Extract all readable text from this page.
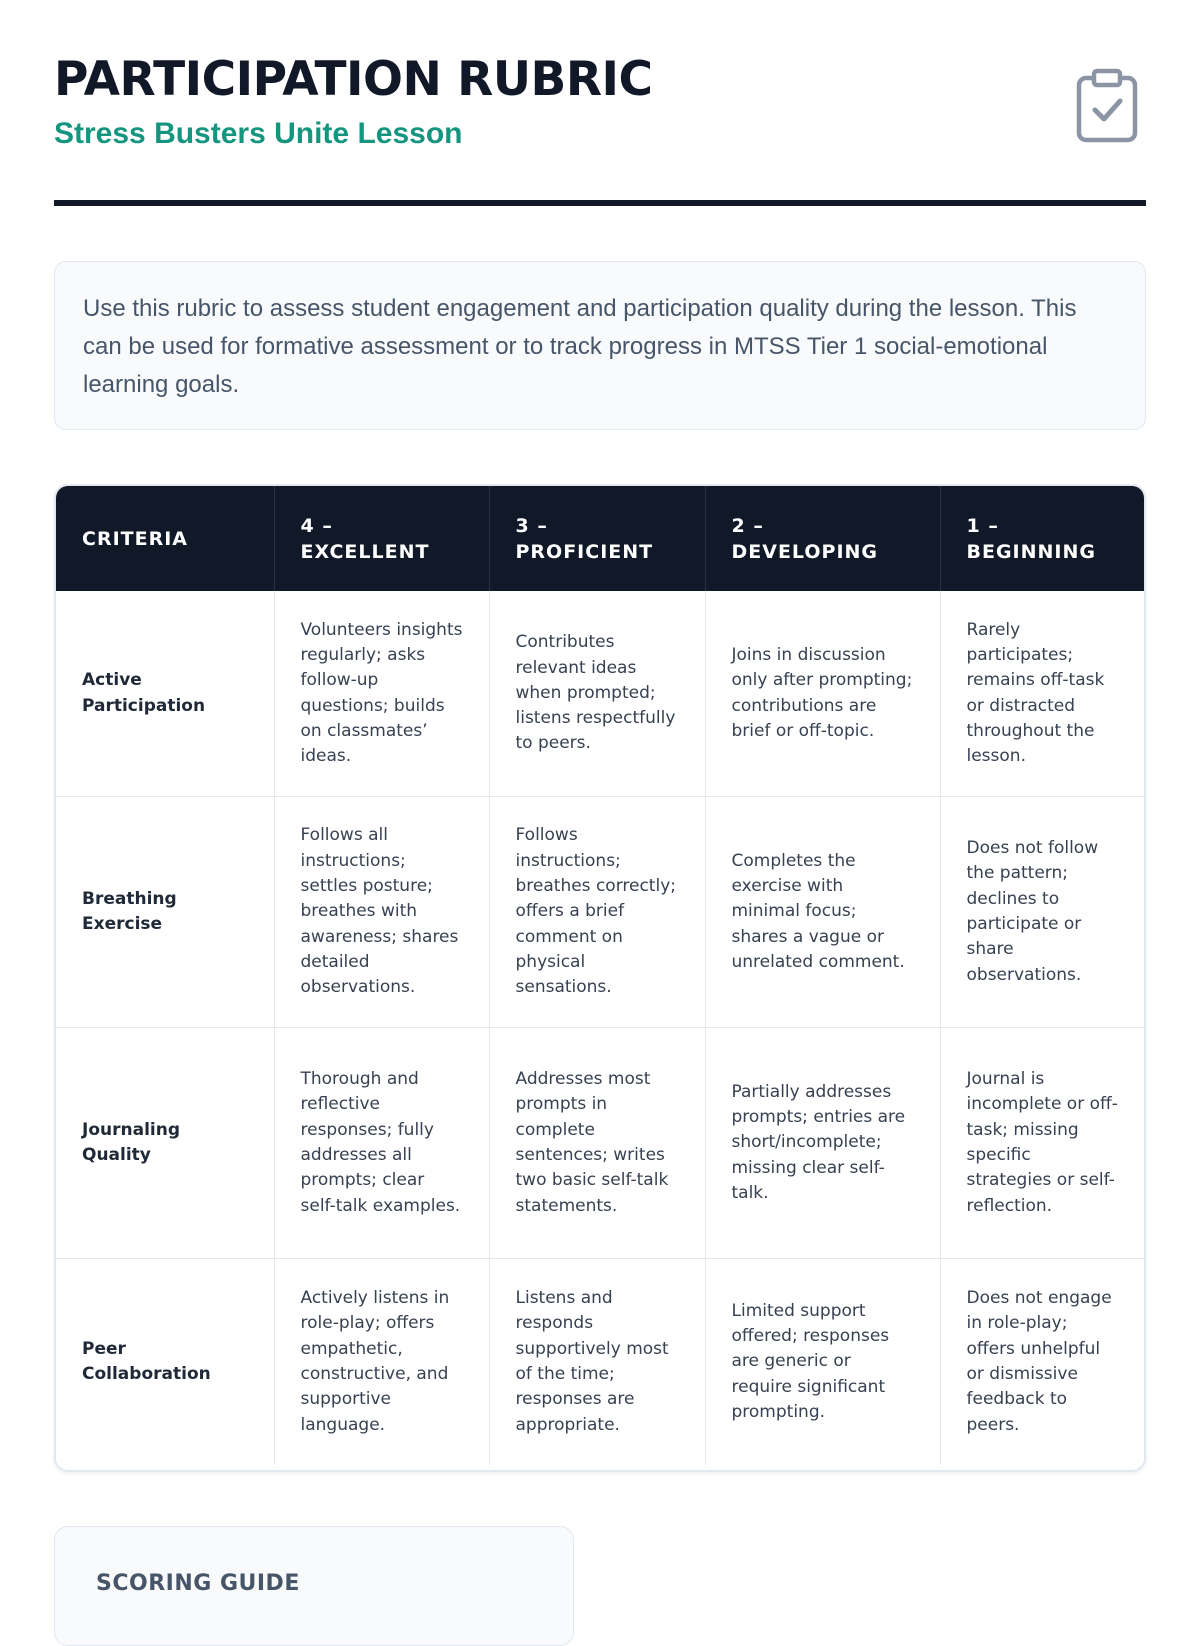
PARTICIPATION RUBRIC
Stress Busters Unite Lesson
Use this rubric to assess student engagement and participation quality during the lesson. This can be used for formative assessment or to track progress in MTSS Tier 1 social-emotional learning goals.
CRITERIA	4 – EXCELLENT	3 – PROFICIENT	2 – DEVELOPING	1 – BEGINNING
Active Participation	Volunteers insights regularly; asks follow-up questions; builds on classmates’ ideas.	Contributes relevant ideas when prompted; listens respectfully to peers.	Joins in discussion only after prompting; contributions are brief or off-topic.	Rarely participates; remains off-task or distracted throughout the lesson.
Breathing Exercise	Follows all instructions; settles posture; breathes with awareness; shares detailed observations.	Follows instructions; breathes correctly; offers a brief comment on physical sensations.	Completes the exercise with minimal focus; shares a vague or unrelated comment.	Does not follow the pattern; declines to participate or share observations.
Journaling Quality	Thorough and reflective responses; fully addresses all prompts; clear self-talk examples.	Addresses most prompts in complete sentences; writes two basic self-talk statements.	Partially addresses prompts; entries are short/incomplete; missing clear self-talk.	Journal is incomplete or off-task; missing specific strategies or self-reflection.
Peer Collaboration	Actively listens in role-play; offers empathetic, constructive, and supportive language.	Listens and responds supportively most of the time; responses are appropriate.	Limited support offered; responses are generic or require significant prompting.	Does not engage in role-play; offers unhelpful or dismissive feedback to peers.
SCORING GUIDE
